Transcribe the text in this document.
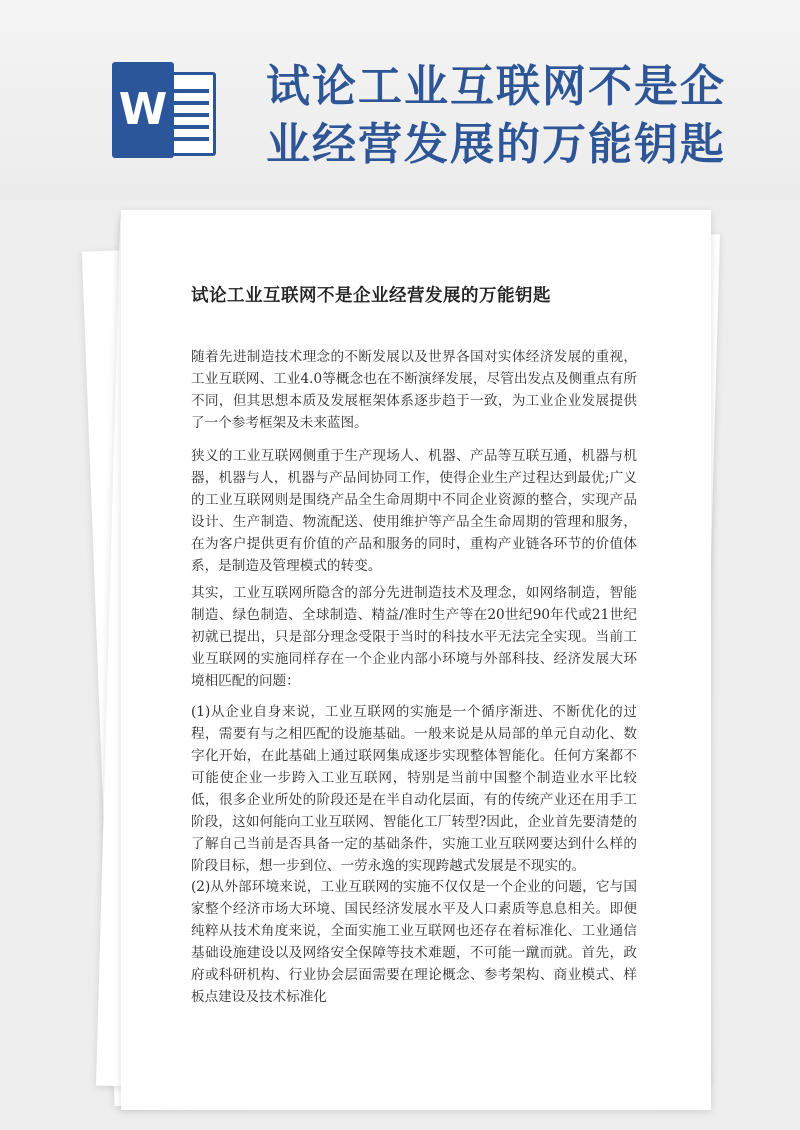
W 试论工业互联网不是企业经营发展的万能钥匙
试论工业互联网不是企业经营发展的万能钥匙

随着先进制造技术理念的不断发展以及世界各国对实体经济发展的重视，工业互联网、工业4.0等概念也在不断演绎发展，尽管出发点及侧重点有所不同，但其思想本质及发展框架体系逐步趋于一致，为工业企业发展提供了一个参考框架及未来蓝图。

狭义的工业互联网侧重于生产现场人、机器、产品等互联互通，机器与机器，机器与人，机器与产品间协同工作，使得企业生产过程达到最优;广义的工业互联网则是围绕产品全生命周期中不同企业资源的整合，实现产品设计、生产制造、物流配送、使用维护等产品全生命周期的管理和服务，在为客户提供更有价值的产品和服务的同时，重构产业链各环节的价值体系，是制造及管理模式的转变。

其实，工业互联网所隐含的部分先进制造技术及理念，如网络制造，智能制造、绿色制造、全球制造、精益/准时生产等在20世纪90年代或21世纪初就已提出，只是部分理念受限于当时的科技水平无法完全实现。当前工业互联网的实施同样存在一个企业内部小环境与外部科技、经济发展大环境相匹配的问题：

(1)从企业自身来说，工业互联网的实施是一个循序渐进、不断优化的过程，需要有与之相匹配的设施基础。一般来说是从局部的单元自动化、数字化开始，在此基础上通过联网集成逐步实现整体智能化。任何方案都不可能使企业一步跨入工业互联网，特别是当前中国整个制造业水平比较低，很多企业所处的阶段还是在半自动化层面，有的传统产业还在用手工阶段，这如何能向工业互联网、智能化工厂转型?因此，企业首先要清楚的了解自己当前是否具备一定的基础条件，实施工业互联网要达到什么样的阶段目标，想一步到位、一劳永逸的实现跨越式发展是不现实的。

(2)从外部环境来说，工业互联网的实施不仅仅是一个企业的问题，它与国家整个经济市场大环境、国民经济发展水平及人口素质等息息相关。即便纯粹从技术角度来说，全面实施工业互联网也还存在着标准化、工业通信基础设施建设以及网络安全保障等技术难题，不可能一蹴而就。首先，政府或科研机构、行业协会层面需要在理论概念、参考架构、商业模式、样板点建设及技术标准化
